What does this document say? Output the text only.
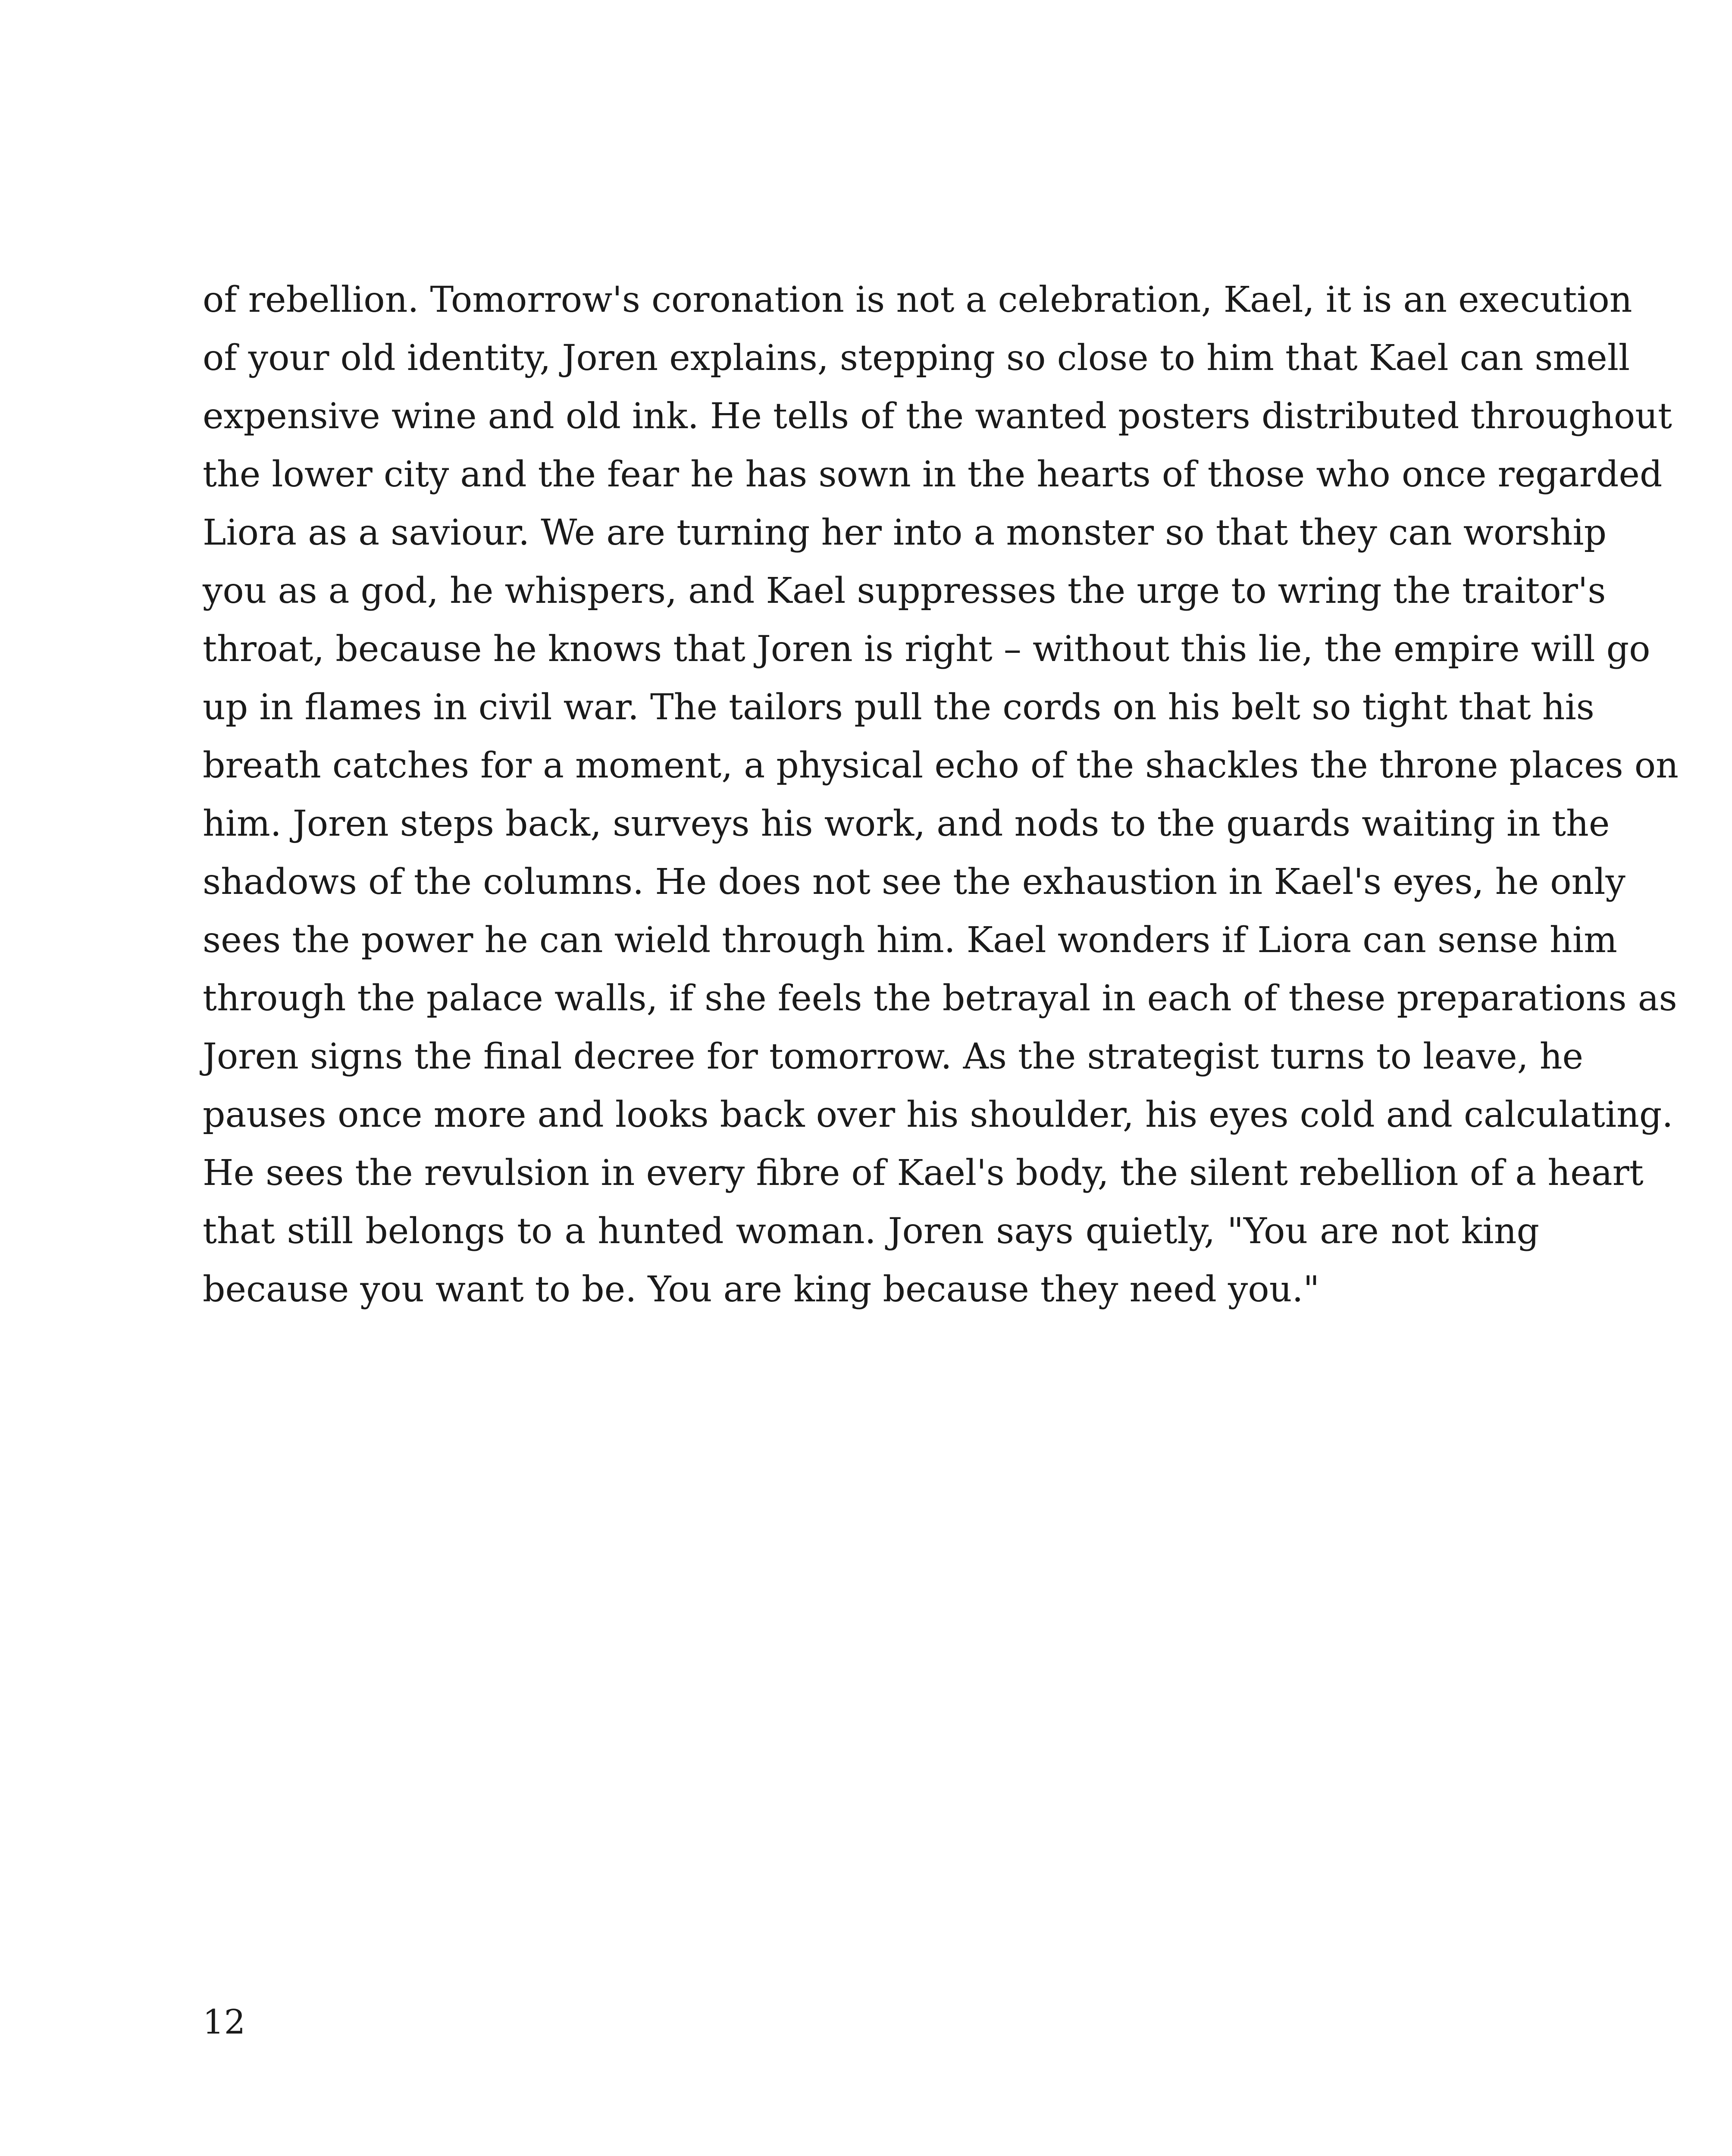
of rebellion. Tomorrow's coronation is not a celebration, Kael, it is an execution
of your old identity, Joren explains, stepping so close to him that Kael can smell
expensive wine and old ink. He tells of the wanted posters distributed throughout
the lower city and the fear he has sown in the hearts of those who once regarded
Liora as a saviour. We are turning her into a monster so that they can worship
you as a god, he whispers, and Kael suppresses the urge to wring the traitor's
throat, because he knows that Joren is right – without this lie, the empire will go
up in flames in civil war. The tailors pull the cords on his belt so tight that his
breath catches for a moment, a physical echo of the shackles the throne places on
him. Joren steps back, surveys his work, and nods to the guards waiting in the
shadows of the columns. He does not see the exhaustion in Kael's eyes, he only
sees the power he can wield through him. Kael wonders if Liora can sense him
through the palace walls, if she feels the betrayal in each of these preparations as
Joren signs the final decree for tomorrow. As the strategist turns to leave, he
pauses once more and looks back over his shoulder, his eyes cold and calculating.
He sees the revulsion in every fibre of Kael's body, the silent rebellion of a heart
that still belongs to a hunted woman. Joren says quietly, "You are not king
because you want to be. You are king because they need you."

12
